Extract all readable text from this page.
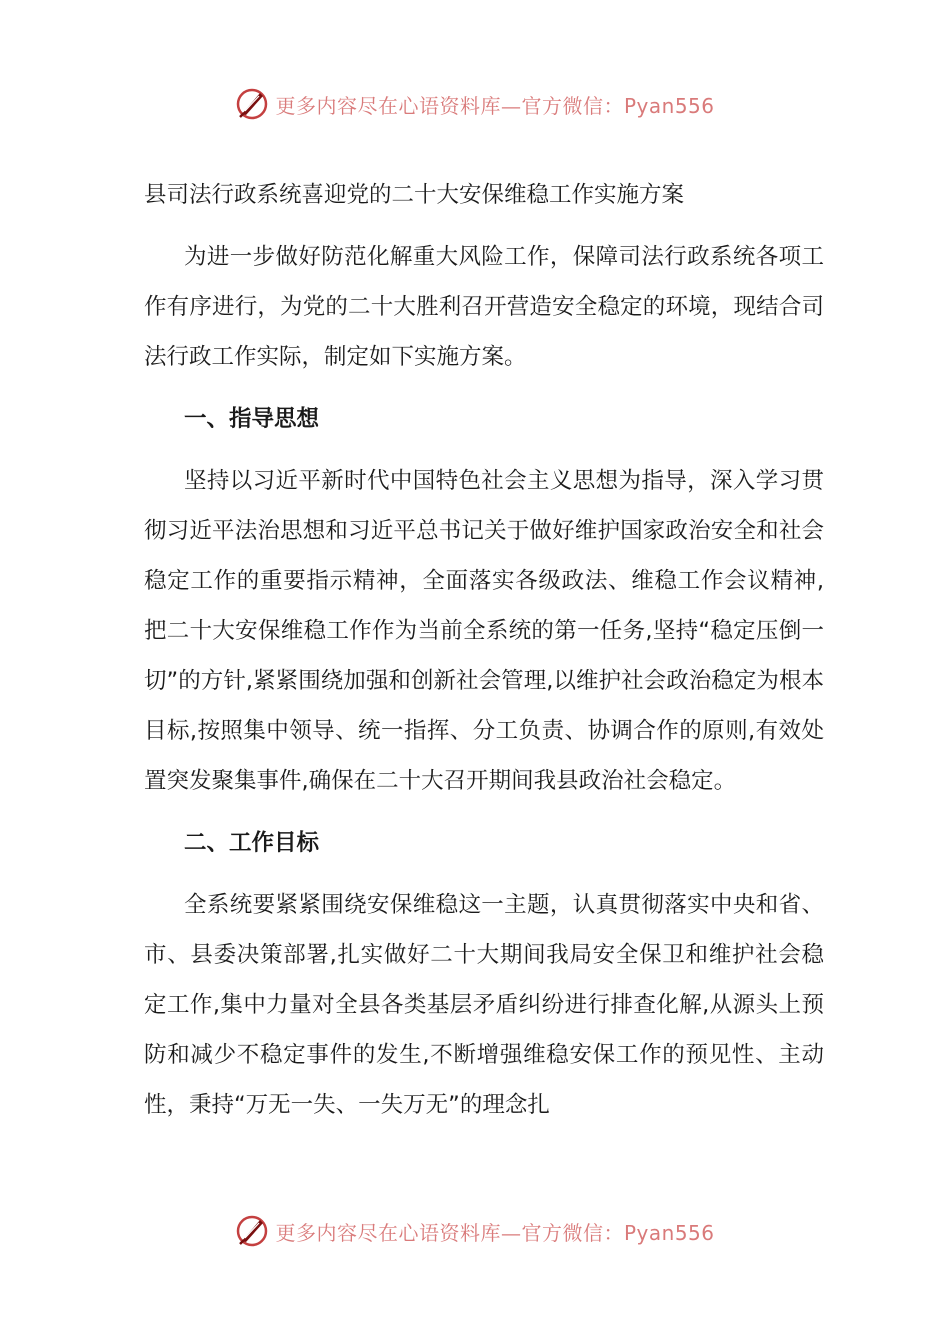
更多内容尽在心语资料库—官方微信：Pyan556
县司法行政系统喜迎党的二十大安保维稳工作实施方案

为进一步做好防范化解重大风险工作，保障司法行政系统各项工作有序进行，为党的二十大胜利召开营造安全稳定的环境，现结合司法行政工作实际，制定如下实施方案。

一、指导思想

坚持以习近平新时代中国特色社会主义思想为指导，深入学习贯彻习近平法治思想和习近平总书记关于做好维护国家政治安全和社会稳定工作的重要指示精神，全面落实各级政法、维稳工作会议精神,把二十大安保维稳工作作为当前全系统的第一任务,坚持“稳定压倒一切”的方针,紧紧围绕加强和创新社会管理,以维护社会政治稳定为根本目标,按照集中领导、统一指挥、分工负责、协调合作的原则,有效处置突发聚集事件,确保在二十大召开期间我县政治社会稳定。

二、工作目标

全系统要紧紧围绕安保维稳这一主题，认真贯彻落实中央和省、市、县委决策部署,扎实做好二十大期间我局安全保卫和维护社会稳定工作,集中力量对全县各类基层矛盾纠纷进行排查化解,从源头上预防和减少不稳定事件的发生,不断增强维稳安保工作的预见性、主动性，秉持“万无一失、一失万无”的理念扎

更多内容尽在心语资料库—官方微信：Pyan556
